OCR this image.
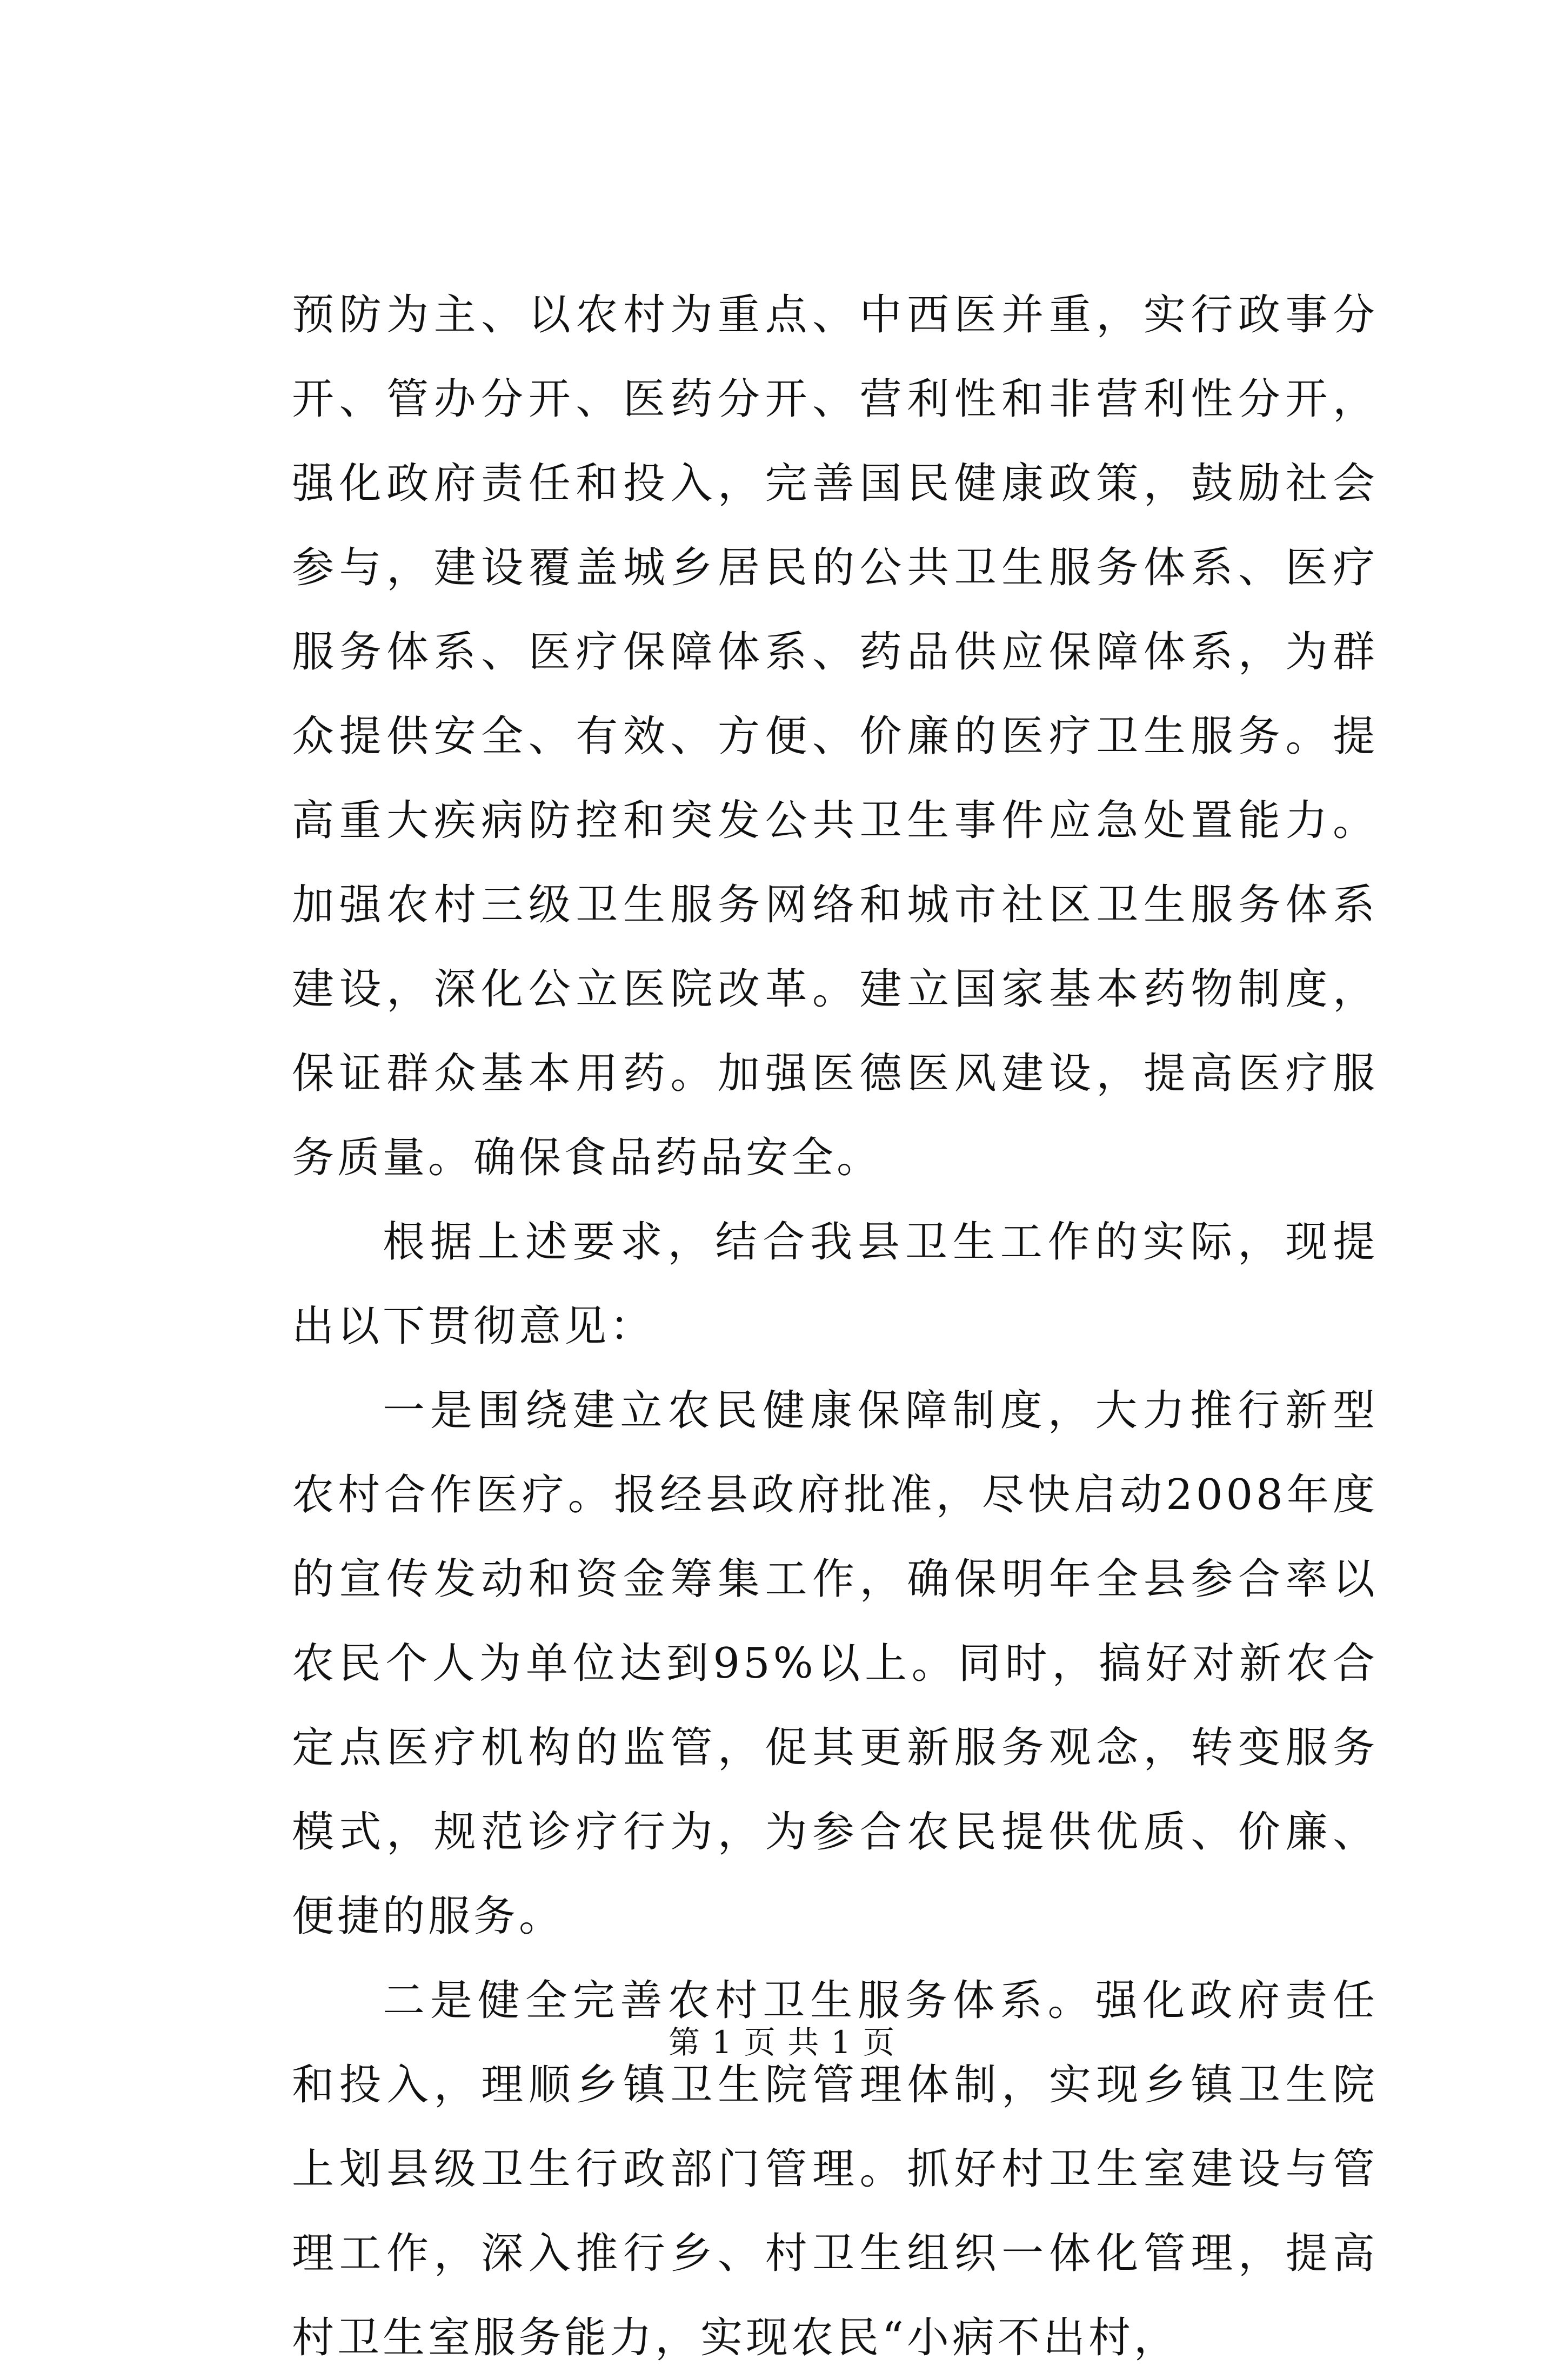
预防为主、以农村为重点、中西医并重，实行政事分开、管办分开、医药分开、营利性和非营利性分开，强化政府责任和投入，完善国民健康政策，鼓励社会参与，建设覆盖城乡居民的公共卫生服务体系、医疗服务体系、医疗保障体系、药品供应保障体系，为群众提供安全、有效、方便、价廉的医疗卫生服务。提高重大疾病防控和突发公共卫生事件应急处置能力。加强农村三级卫生服务网络和城市社区卫生服务体系建设，深化公立医院改革。建立国家基本药物制度，保证群众基本用药。加强医德医风建设，提高医疗服务质量。确保食品药品安全。

根据上述要求，结合我县卫生工作的实际，现提出以下贯彻意见：

一是围绕建立农民健康保障制度，大力推行新型农村合作医疗。报经县政府批准，尽快启动2008年度的宣传发动和资金筹集工作，确保明年全县参合率以农民个人为单位达到95%以上。同时，搞好对新农合定点医疗机构的监管，促其更新服务观念，转变服务模式，规范诊疗行为，为参合农民提供优质、价廉、便捷的服务。

二是健全完善农村卫生服务体系。强化政府责任和投入，理顺乡镇卫生院管理体制，实现乡镇卫生院上划县级卫生行政部门管理。抓好村卫生室建设与管理工作，深入推行乡、村卫生组织一体化管理，提高村卫生室服务能力，实现农民“小病不出村，

第 1 页 共 1 页
